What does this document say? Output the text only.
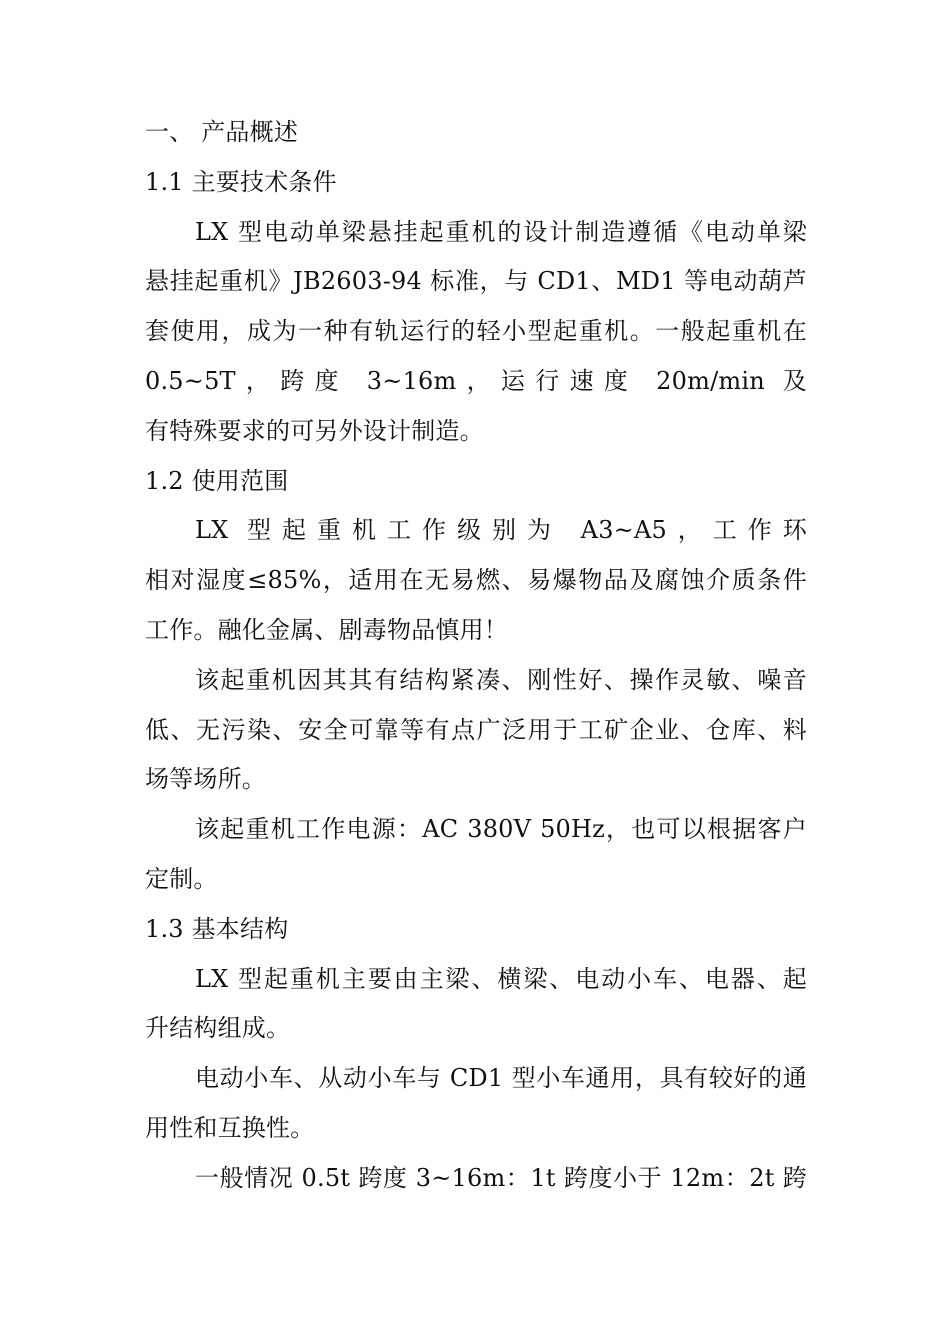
一、 产品概述
1.1 主要技术条件
LX 型电动单梁悬挂起重机的设计制造遵循《电动单梁
悬挂起重机》JB2603-94 标准，与 CD1、MD1 等电动葫芦
套使用，成为一种有轨运行的轻小型起重机。一般起重机在
0.5~5T，跨度 3~16m，运行速度 20m/min 及
有特殊要求的可另外设计制造。
1.2 使用范围
LX 型起重机工作级别为 A3~A5，工作环
相对湿度≤85%，适用在无易燃、易爆物品及腐蚀介质条件
工作。融化金属、剧毒物品慎用！
该起重机因其其有结构紧凑、刚性好、操作灵敏、噪音
低、无污染、安全可靠等有点广泛用于工矿企业、仓库、料
场等场所。
该起重机工作电源：AC 380V 50Hz，也可以根据客户
定制。
1.3 基本结构
LX 型起重机主要由主梁、横梁、电动小车、电器、起
升结构组成。
电动小车、从动小车与 CD1 型小车通用，具有较好的通
用性和互换性。
一般情况 0.5t 跨度 3~16m：1t 跨度小于 12m：2t 跨
